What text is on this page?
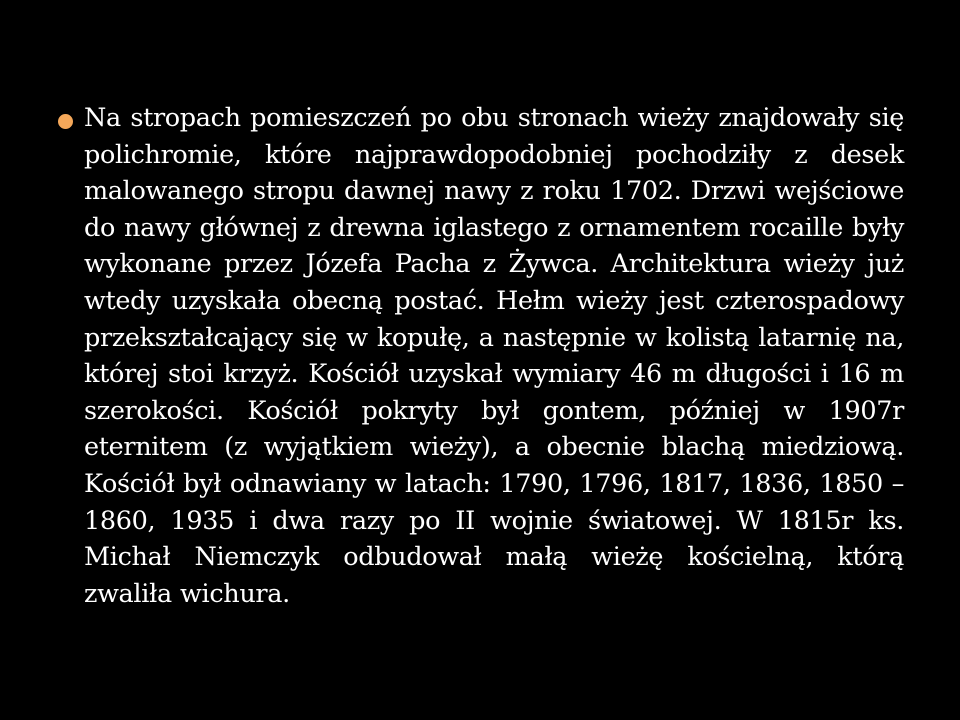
Na stropach pomieszczeń po obu stronach wieży znajdowały się polichromie, które najprawdopodobniej pochodziły z desek malowanego stropu dawnej nawy z roku 1702. Drzwi wejściowe do nawy głównej z drewna iglastego z ornamentem rocaille były wykonane przez Józefa Pacha z Żywca. Architektura wieży już wtedy uzyskała obecną postać. Hełm wieży jest czterospadowy przekształcający się w kopułę, a następnie w kolistą latarnię na, której stoi krzyż. Kościół uzyskał wymiary 46 m długości i 16 m szerokości. Kościół pokryty był gontem, później w 1907r eternitem (z wyjątkiem wieży), a obecnie blachą miedziową. Kościół był odnawiany w latach: 1790, 1796, 1817, 1836, 1850 – 1860, 1935 i dwa razy po II wojnie światowej. W 1815r ks. Michał Niemczyk odbudował małą wieżę kościelną, którą zwaliła wichura.
